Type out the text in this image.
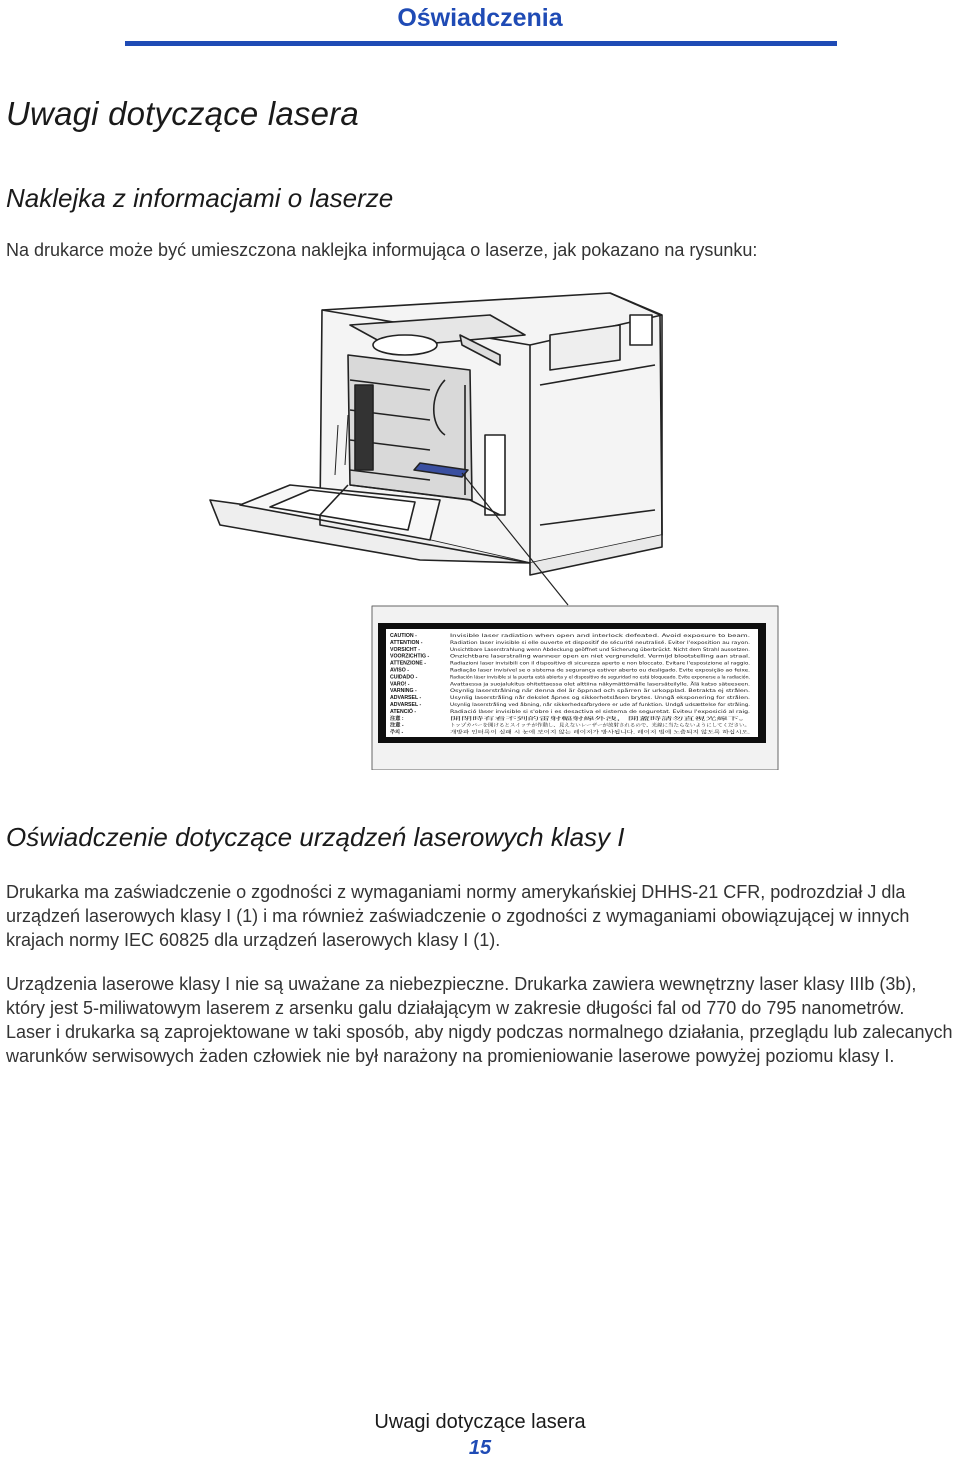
Oświadczenia
Uwagi dotyczące lasera
Naklejka z informacjami o laserze
Na drukarce może być umieszczona naklejka informująca o laserze, jak pokazano na rysunku:
CAUTION -	Invisible laser radiation when open and interlock defeated. Avoid exposure to beam.
ATTENTION -	Radiation laser invisible si elle ouverte et dispositif de sécurité neutralisé. Eviter l'exposition au rayon.
VORSICHT -	Unsichtbare Laserstrahlung wenn Abdeckung geöffnet und Sicherung überbrückt. Nicht dem Strahl aussetzen.
VOORZICHTIG -	Onzichtbare laserstraling wanneer open en niet vergrendeld. Vermijd blootstelling aan straal.
ATTENZIONE -	Radiazioni laser invisibili con il dispositivo di sicurezza aperto e non bloccato. Evitare l'esposizione al raggio.
AVISO -	Radiação laser invisível se o sistema de segurança estiver aberto ou desligado. Evite exposição ao feixe.
CUIDADO -	Radiación láser invisible si la puerta está abierta y el dispositivo de seguridad no está bloqueado. Evite exponerse a la radiación.
VARO! -	Avattaessa ja suojalukitus ohitettaessa olet alttiina näkymättömälle lasersäteilylle. Älä katso säteeseen.
VARNING -	Osynlig laserstrålning när denna del är öppnad och spärren är urkopplad. Betrakta ej strålen.
ADVARSEL -	Usynlig laserstråling når dekslet åpnes og sikkerhetslåsen brytes. Unngå eksponering for strålen.
ADVARSEL -	Usynlig laserstråling ved åbning, når sikkerhedsafbrydere er ude af funktion. Undgå udsættelse for stråling.
ATENCIÓ -	Radiació làser invisible si s'obre i es desactiva el sistema de seguretat. Eviteu l'exposició al raig.
注意 :	開閉時有看不到的雷射輻射線外洩，開蓋時請勿直視光線下。
注意 -	トップカバーを開けるとスイッチが作動し、見えないレーザーが放射されるので、光線に当たらないようにしてください。
주의 -	개방과 인터록이 실패 시 눈에 보이지 않는 레이저가 방사됩니다. 레이저 빔에 노출되지 않도록 하십시오.
Oświadczenie dotyczące urządzeń laserowych klasy I

Drukarka ma zaświadczenie o zgodności z wymaganiami normy amerykańskiej DHHS-21 CFR, podrozdział J dla urządzeń laserowych klasy I (1) i ma również zaświadczenie o zgodności z wymaganiami obowiązującej w innych krajach normy IEC 60825 dla urządzeń laserowych klasy I (1).

Urządzenia laserowe klasy I nie są uważane za niebezpieczne. Drukarka zawiera wewnętrzny laser klasy IIIb (3b), który jest 5-miliwatowym laserem z arsenku galu działającym w zakresie długości fal od 770 do 795 nanometrów. Laser i drukarka są zaprojektowane w taki sposób, aby nigdy podczas normalnego działania, przeglądu lub zalecanych warunków serwisowych żaden człowiek nie był narażony na promieniowanie laserowe powyżej poziomu klasy I.

Uwagi dotyczące lasera
15
